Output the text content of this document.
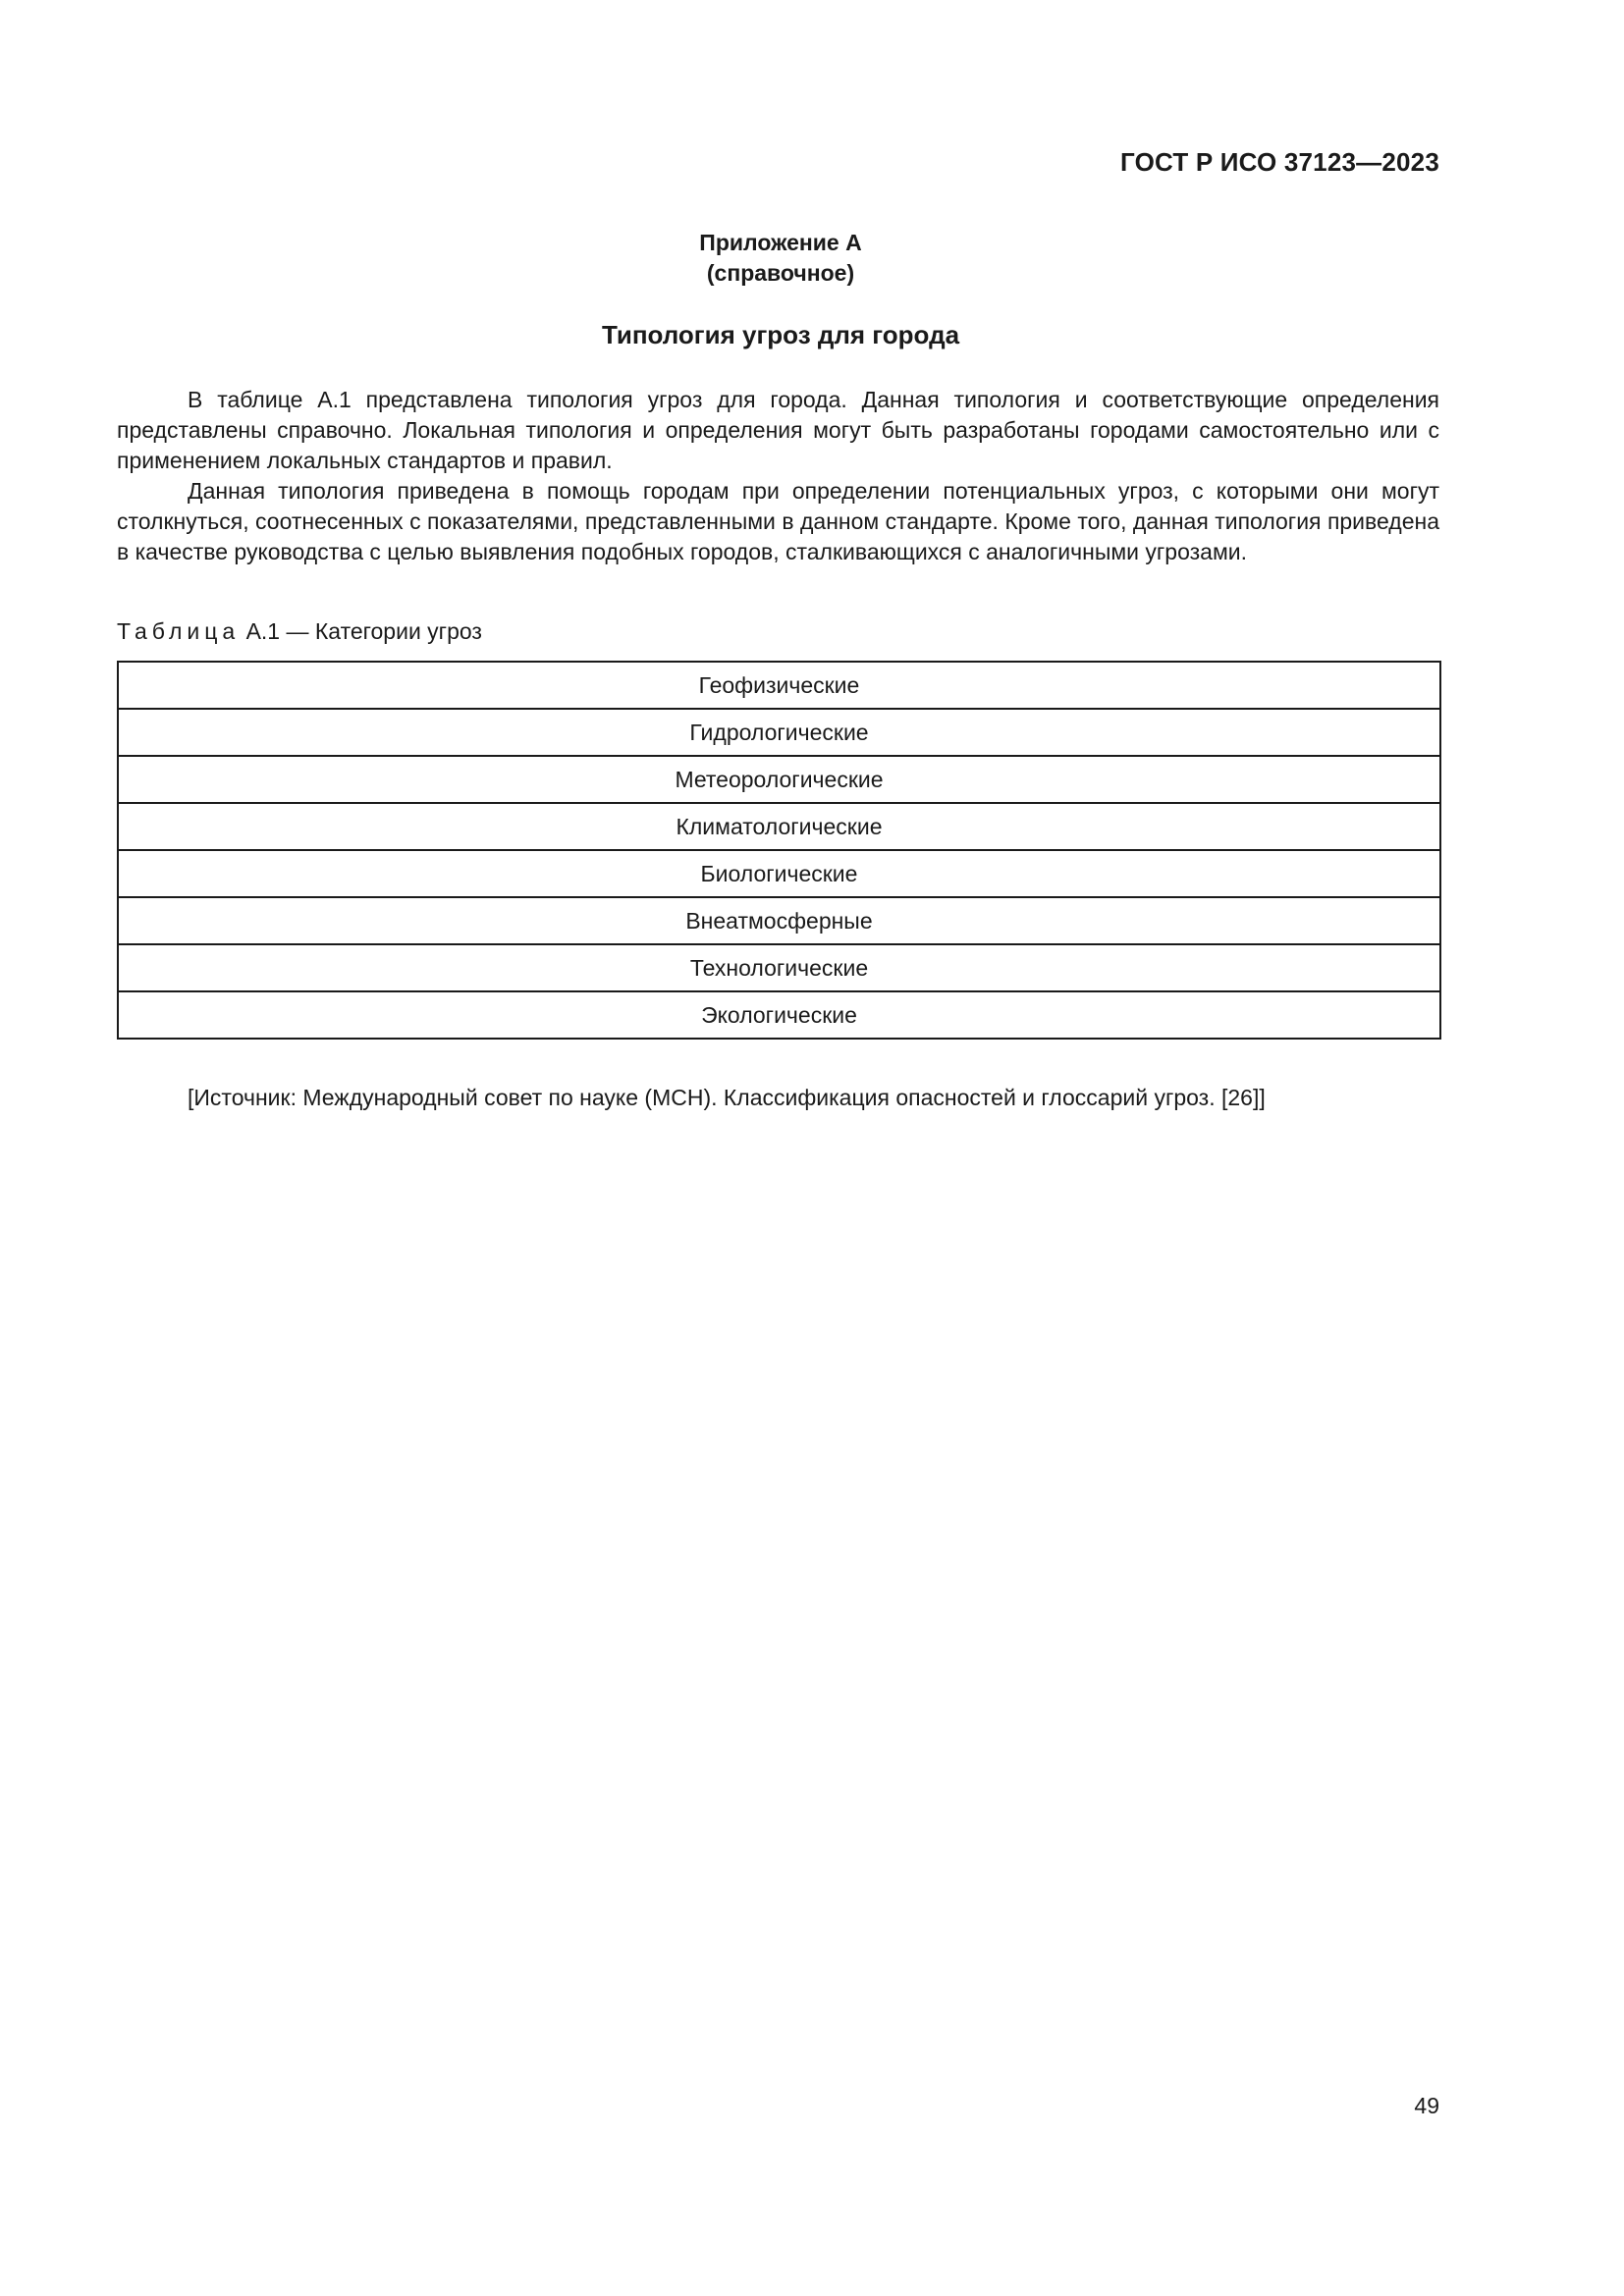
ГОСТ Р ИСО 37123—2023
Приложение А
(справочное)
Типология угроз для города

В таблице А.1 представлена типология угроз для города. Данная типология и соответствующие определения представлены справочно. Локальная типология и определения могут быть разработаны городами самостоятельно или с применением локальных стандартов и правил.

Данная типология приведена в помощь городам при определении потенциальных угроз, с которыми они могут столкнуться, соотнесенных с показателями, представленными в данном стандарте. Кроме того, данная типология приведена в качестве руководства с целью выявления подобных городов, сталкивающихся с аналогичными угрозами.

Таблица А.1 — Категории угроз
Геофизические
Гидрологические
Метеорологические
Климатологические
Биологические
Внеатмосферные
Технологические
Экологические
[Источник: Международный совет по науке (МСН). Классификация опасностей и глоссарий угроз. [26]]
49
